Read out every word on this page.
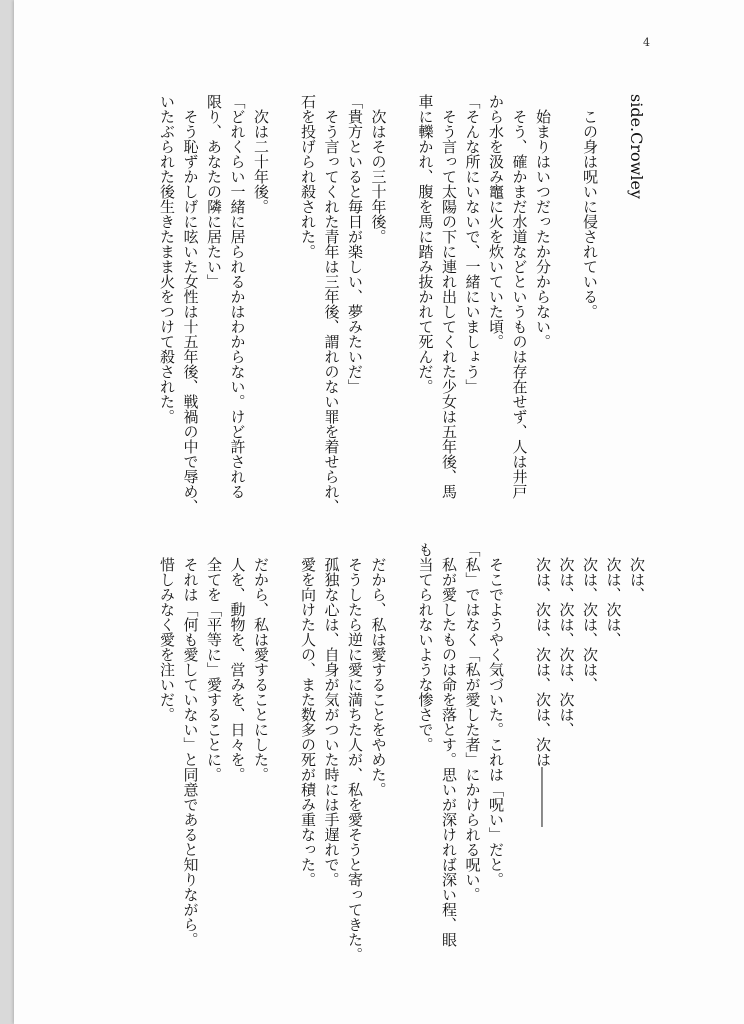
4
side.Crowley
　この身は呪いに侵されている。
　始まりはいつだったか分からない。
　そう、確かまだ水道などというものは存在せず、人は井戸
から水を汲み竈に火を炊いていた頃。
「そんな所にいないで、一緒にいましょう」
　そう言って太陽の下に連れ出してくれた少女は五年後、馬
車に轢かれ、腹を馬に踏み抜かれて死んだ。
　次はその三十年後。
「貴方といると毎日が楽しい、夢みたいだ」
　そう言ってくれた青年は三年後、謂れのない罪を着せられ、
石を投げられ殺された。
　次は二十年後。
「どれくらい一緒に居られるかはわからない。けど許される
限り、あなたの隣に居たい」
　そう恥ずかしげに呟いた女性は十五年後、戦禍の中で辱め、
いたぶられた後生きたまま火をつけて殺された。
　次は、
　次は、次は、
　次は、次は、次は、
　次は、次は、次は、次は、
　次は、次は、次は、次は、次は――――
　そこでようやく気づいた。これは「呪い」だと。
「私」ではなく「私が愛した者」にかけられる呪い。
　私が愛したものは命を落とす。思いが深ければ深い程、眼
も当てられないような惨さで。
　だから、私は愛することをやめた。
　そうしたら逆に愛に満ちた人が、私を愛そうと寄ってきた。
　孤独な心は、自身が気がついた時には手遅れで。
　愛を向けた人の、また数多の死が積み重なった。
　だから、私は愛することにした。
　人を、動物を、営みを、日々を。
　全てを「平等に」愛することに。
　それは「何も愛していない」と同意であると知りながら。
　惜しみなく愛を注いだ。
